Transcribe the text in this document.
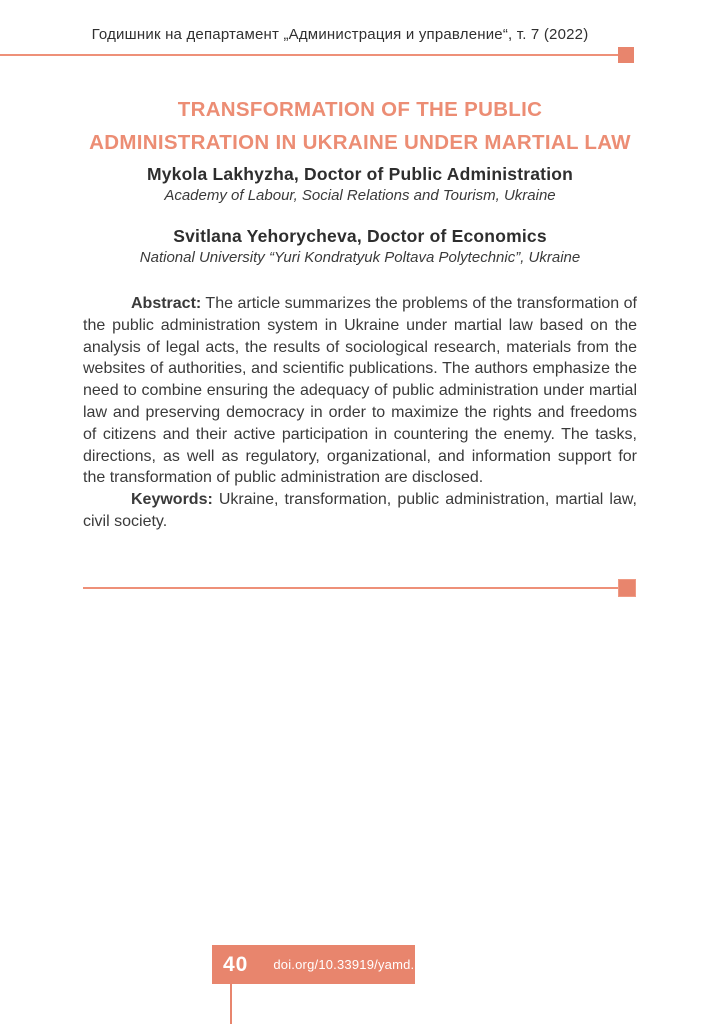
Годишник на департамент „Администрация и управление“, т. 7 (2022)
TRANSFORMATION OF THE PUBLIC
ADMINISTRATION IN UKRAINE UNDER MARTIAL LAW
Mykola Lakhyzha, Doctor of Public Administration
Academy of Labour, Social Relations and Tourism, Ukraine
Svitlana Yehorycheva, Doctor of Economics
National University “Yuri Kondratyuk Poltava Polytechnic”, Ukraine

Abstract: The article summarizes the problems of the transformation of the public administration system in Ukraine under martial law based on the analysis of legal acts, the results of sociological research, materials from the websites of authorities, and scientific publications. The authors emphasize the need to combine ensuring the adequacy of public administration under martial law and preserving democracy in order to maximize the rights and freedoms of citizens and their active participation in countering the enemy. The tasks, directions, as well as regulatory, organizational, and information support for the transformation of public administration are disclosed.

Keywords: Ukraine, transformation, public administration, martial law, civil society.

40	doi.org/10.33919/yamd.22.6.3
